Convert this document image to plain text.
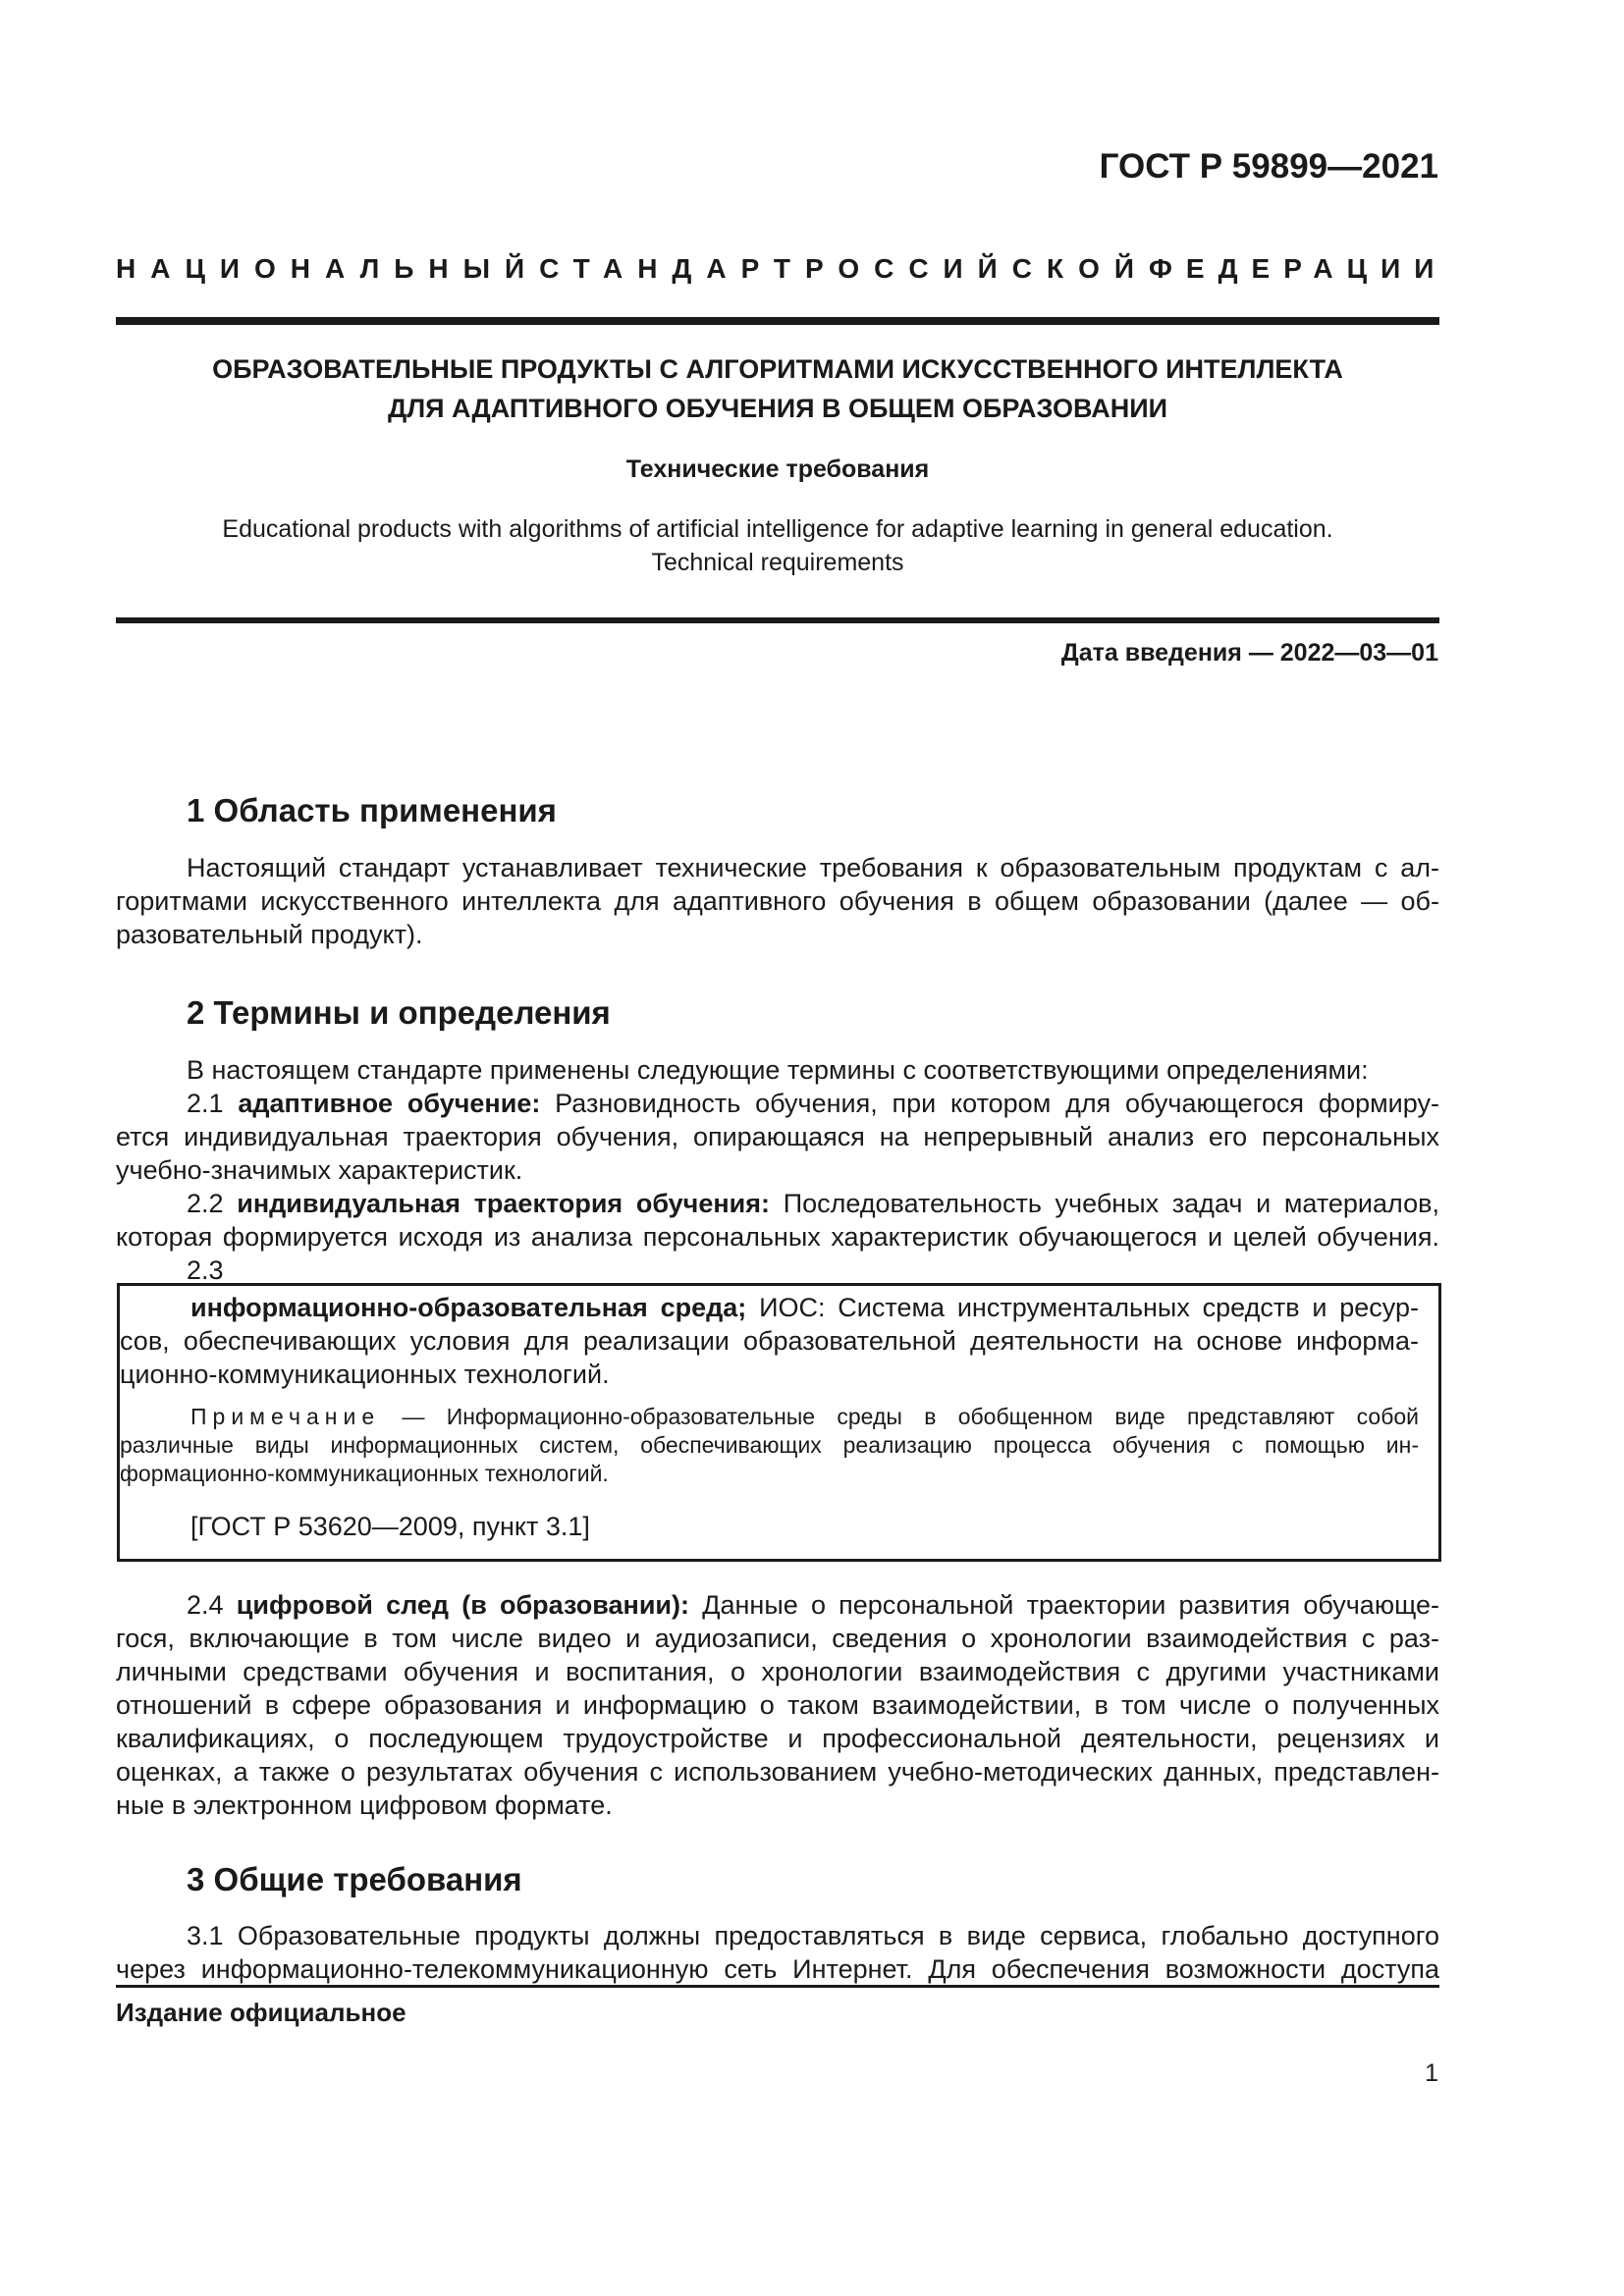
ГОСТ Р 59899—2021
НАЦИОНАЛЬНЫЙ СТАНДАРТ РОССИЙСКОЙ ФЕДЕРАЦИИ
ОБРАЗОВАТЕЛЬНЫЕ ПРОДУКТЫ С АЛГОРИТМАМИ ИСКУССТВЕННОГО ИНТЕЛЛЕКТА
ДЛЯ АДАПТИВНОГО ОБУЧЕНИЯ В ОБЩЕМ ОБРАЗОВАНИИ
Технические требования
Educational products with algorithms of artificial intelligence for adaptive learning in general education.
Technical requirements
Дата введения — 2022—03—01
1 Область применения
Настоящий стандарт устанавливает технические требования к образовательным продуктам с ал-
горитмами искусственного интеллекта для адаптивного обучения в общем образовании (далее — об-
разовательный продукт).
2 Термины и определения
В настоящем стандарте применены следующие термины с соответствующими определениями:
2.1 адаптивное обучение: Разновидность обучения, при котором для обучающегося формиру-
ется индивидуальная траектория обучения, опирающаяся на непрерывный анализ его персональных
учебно-значимых характеристик.
2.2 индивидуальная траектория обучения: Последовательность учебных задач и материалов,
которая формируется исходя из анализа персональных характеристик обучающегося и целей обучения.
2.3
информационно-образовательная среда; ИОС: Система инструментальных средств и ресур-
сов, обеспечивающих условия для реализации образовательной деятельности на основе информа-
ционно-коммуникационных технологий.
Примечание — Информационно-образовательные среды в обобщенном виде представляют собой
различные виды информационных систем, обеспечивающих реализацию процесса обучения с помощью ин-
формационно-коммуникационных технологий.
[ГОСТ Р 53620—2009, пункт 3.1]
2.4 цифровой след (в образовании): Данные о персональной траектории развития обучающе-
гося, включающие в том числе видео и аудиозаписи, сведения о хронологии взаимодействия с раз-
личными средствами обучения и воспитания, о хронологии взаимодействия с другими участниками
отношений в сфере образования и информацию о таком взаимодействии, в том числе о полученных
квалификациях, о последующем трудоустройстве и профессиональной деятельности, рецензиях и
оценках, а также о результатах обучения с использованием учебно-методических данных, представлен-
ные в электронном цифровом формате.
3 Общие требования
3.1 Образовательные продукты должны предоставляться в виде сервиса, глобально доступного
через информационно-телекоммуникационную сеть Интернет. Для обеспечения возможности доступа
Издание официальное
1
